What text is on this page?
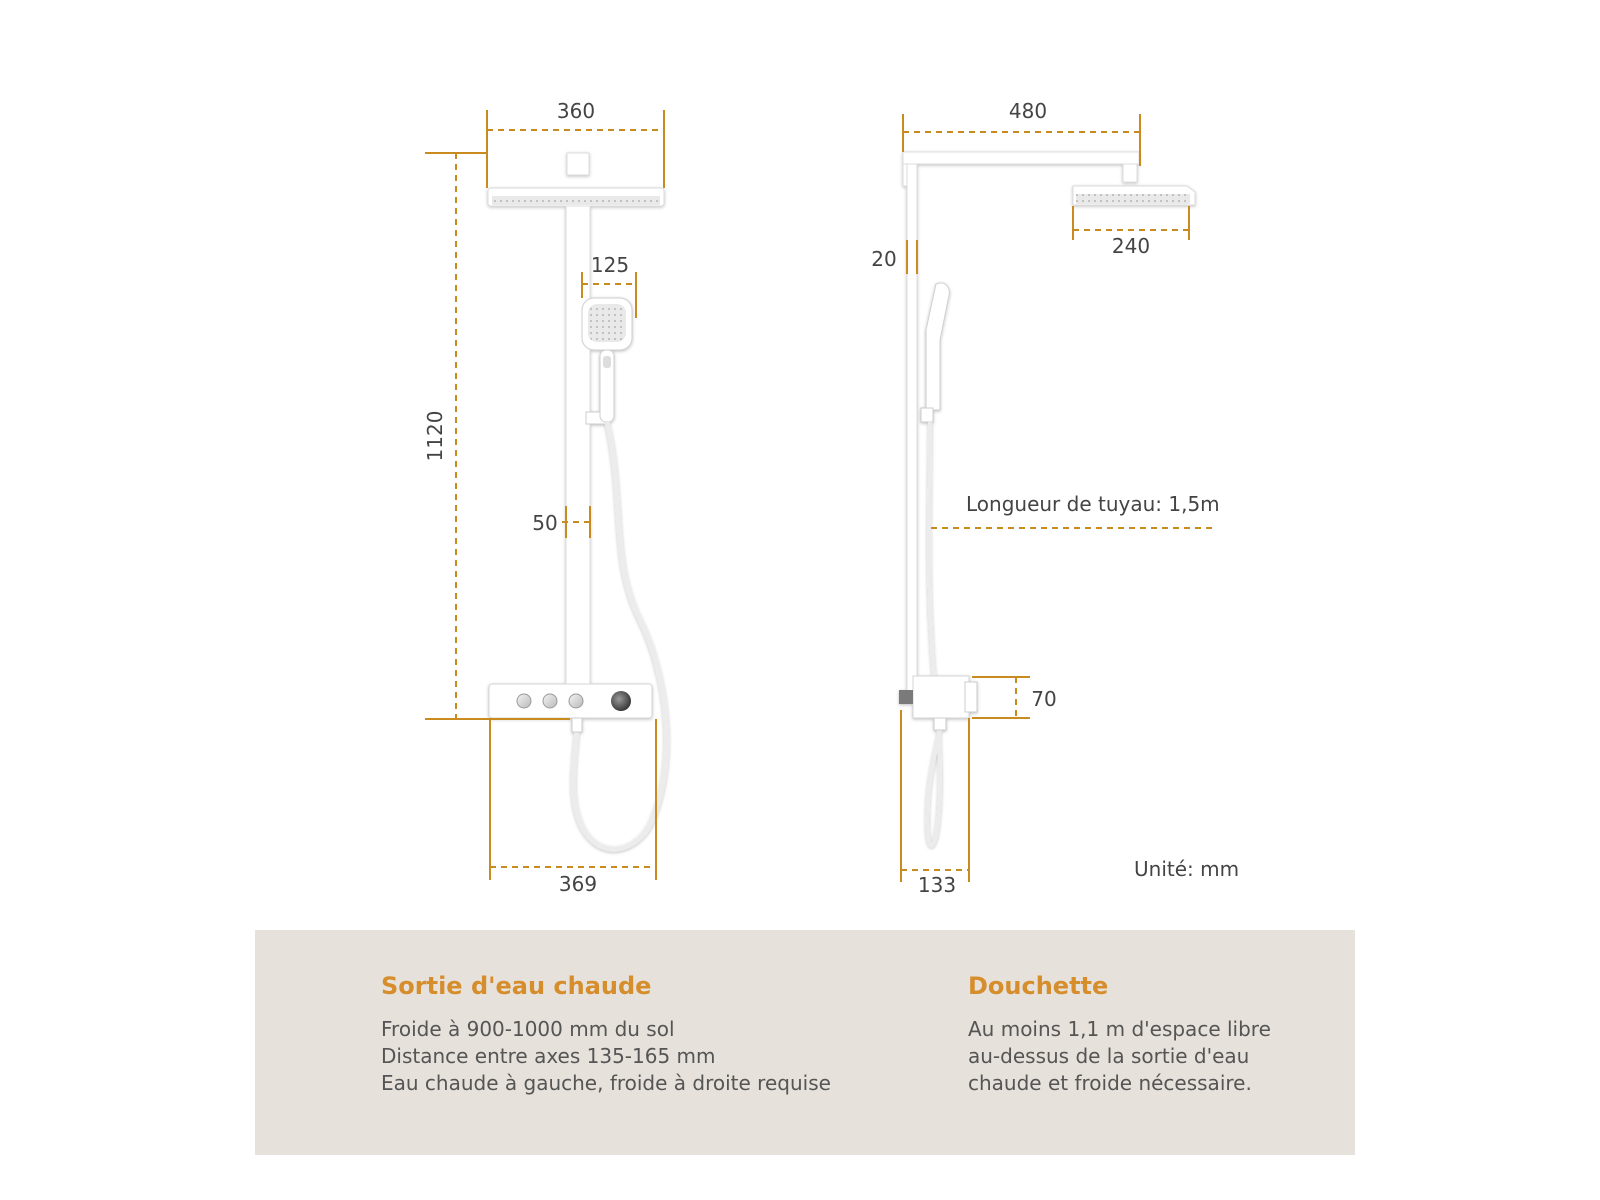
360
1120
125
50
369
480
240
20
Longueur de tuyau: 1,5m
70
133
Unité: mm
Sortie d'eau chaude
Froide à 900-1000 mm du sol
Distance entre axes 135-165 mm
Eau chaude à gauche, froide à droite requise
Douchette
Au moins 1,1 m d'espace libre
au-dessus de la sortie d'eau
chaude et froide nécessaire.
